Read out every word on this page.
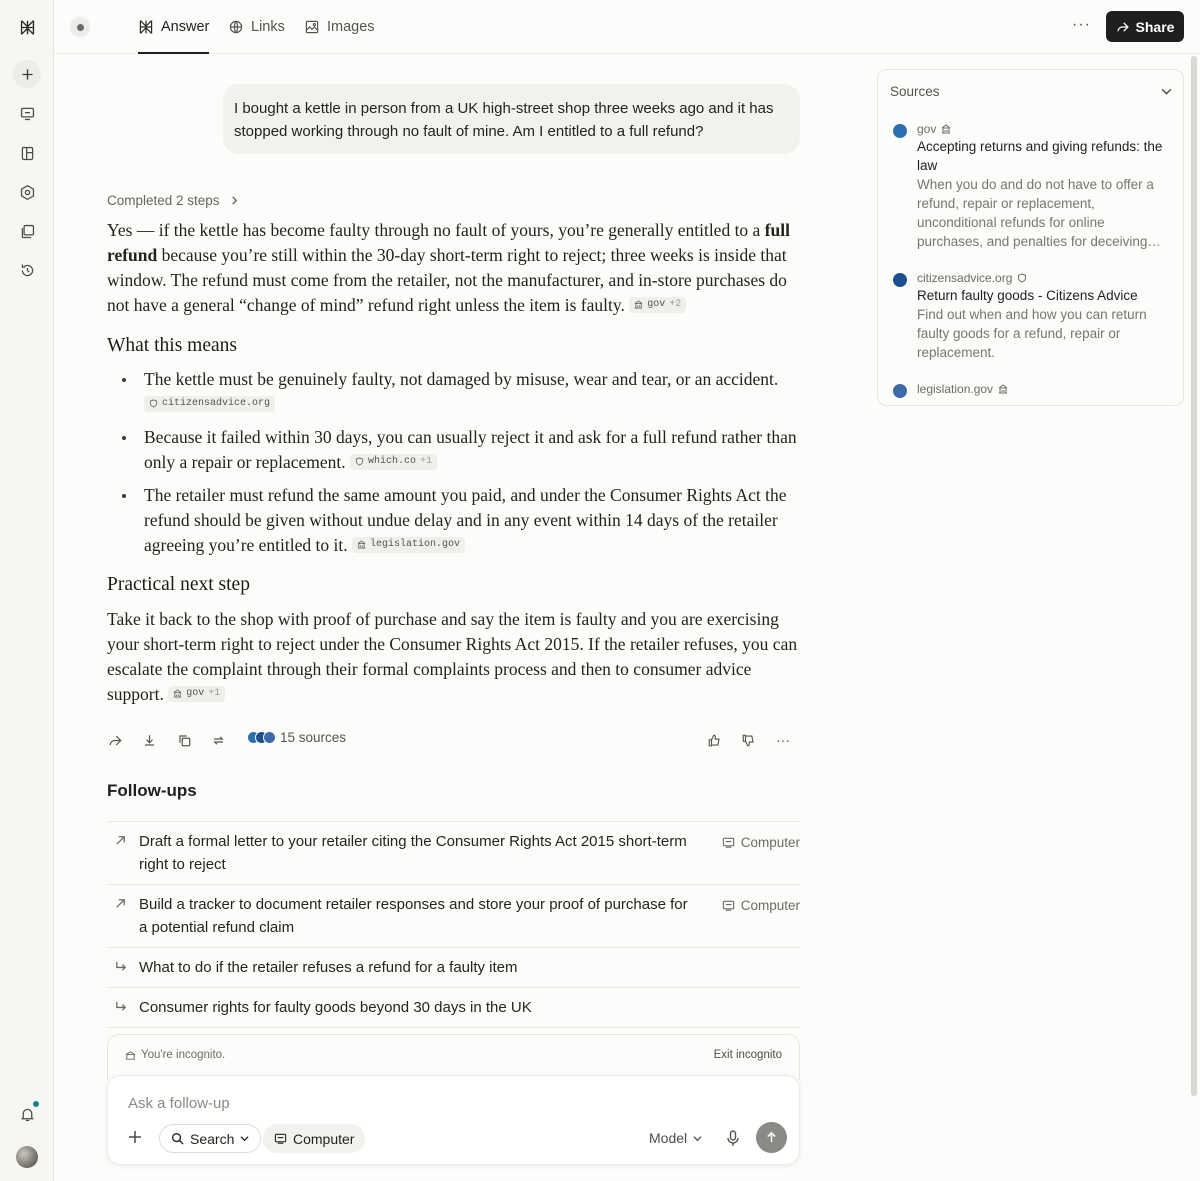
Answer	Links	Images	···	Share
I bought a kettle in person from a UK high-street shop three weeks ago and it has stopped working through no fault of mine. Am I entitled to a full refund?
Completed 2 steps

Yes — if the kettle has become faulty through no fault of yours, you’re generally entitled to a full refund because you’re still within the 30-day short-term right to reject; three weeks is inside that window. The refund must come from the retailer, not the manufacturer, and in-store purchases do not have a general “change of mind” refund right unless the item is faulty. gov +2

What this means
The kettle must be genuinely faulty, not damaged by misuse, wear and tear, or an accident.
citizensadvice.org
Because it failed within 30 days, you can usually reject it and ask for a full refund rather than only a repair or replacement. which.co +1
The retailer must refund the same amount you paid, and under the Consumer Rights Act the refund should be given without undue delay and in any event within 14 days of the retailer agreeing you’re entitled to it. legislation.gov
Practical next step

Take it back to the shop with proof of purchase and say the item is faulty and you are exercising your short-term right to reject under the Consumer Rights Act 2015. If the retailer refuses, you can escalate the complaint through their formal complaints process and then to consumer advice support. gov +1

15 sources	···
Follow-ups
Draft a formal letter to your retailer citing the Consumer Rights Act 2015 short-term right to reject
Computer
Build a tracker to document retailer responses and store your proof of purchase for a potential refund claim
Computer
What to do if the retailer refuses a refund for a faulty item
Consumer rights for faulty goods beyond 30 days in the UK
You're incognito.	Exit incognito
Ask a follow-up
Search	Computer	Model
Sources
gov
Accepting returns and giving refunds: the law
When you do and do not have to offer a refund, repair or replacement, unconditional refunds for online purchases, and penalties for deceiving…
citizensadvice.org
Return faulty goods - Citizens Advice
Find out when and how you can return faulty goods for a refund, repair or replacement.
legislation.gov
